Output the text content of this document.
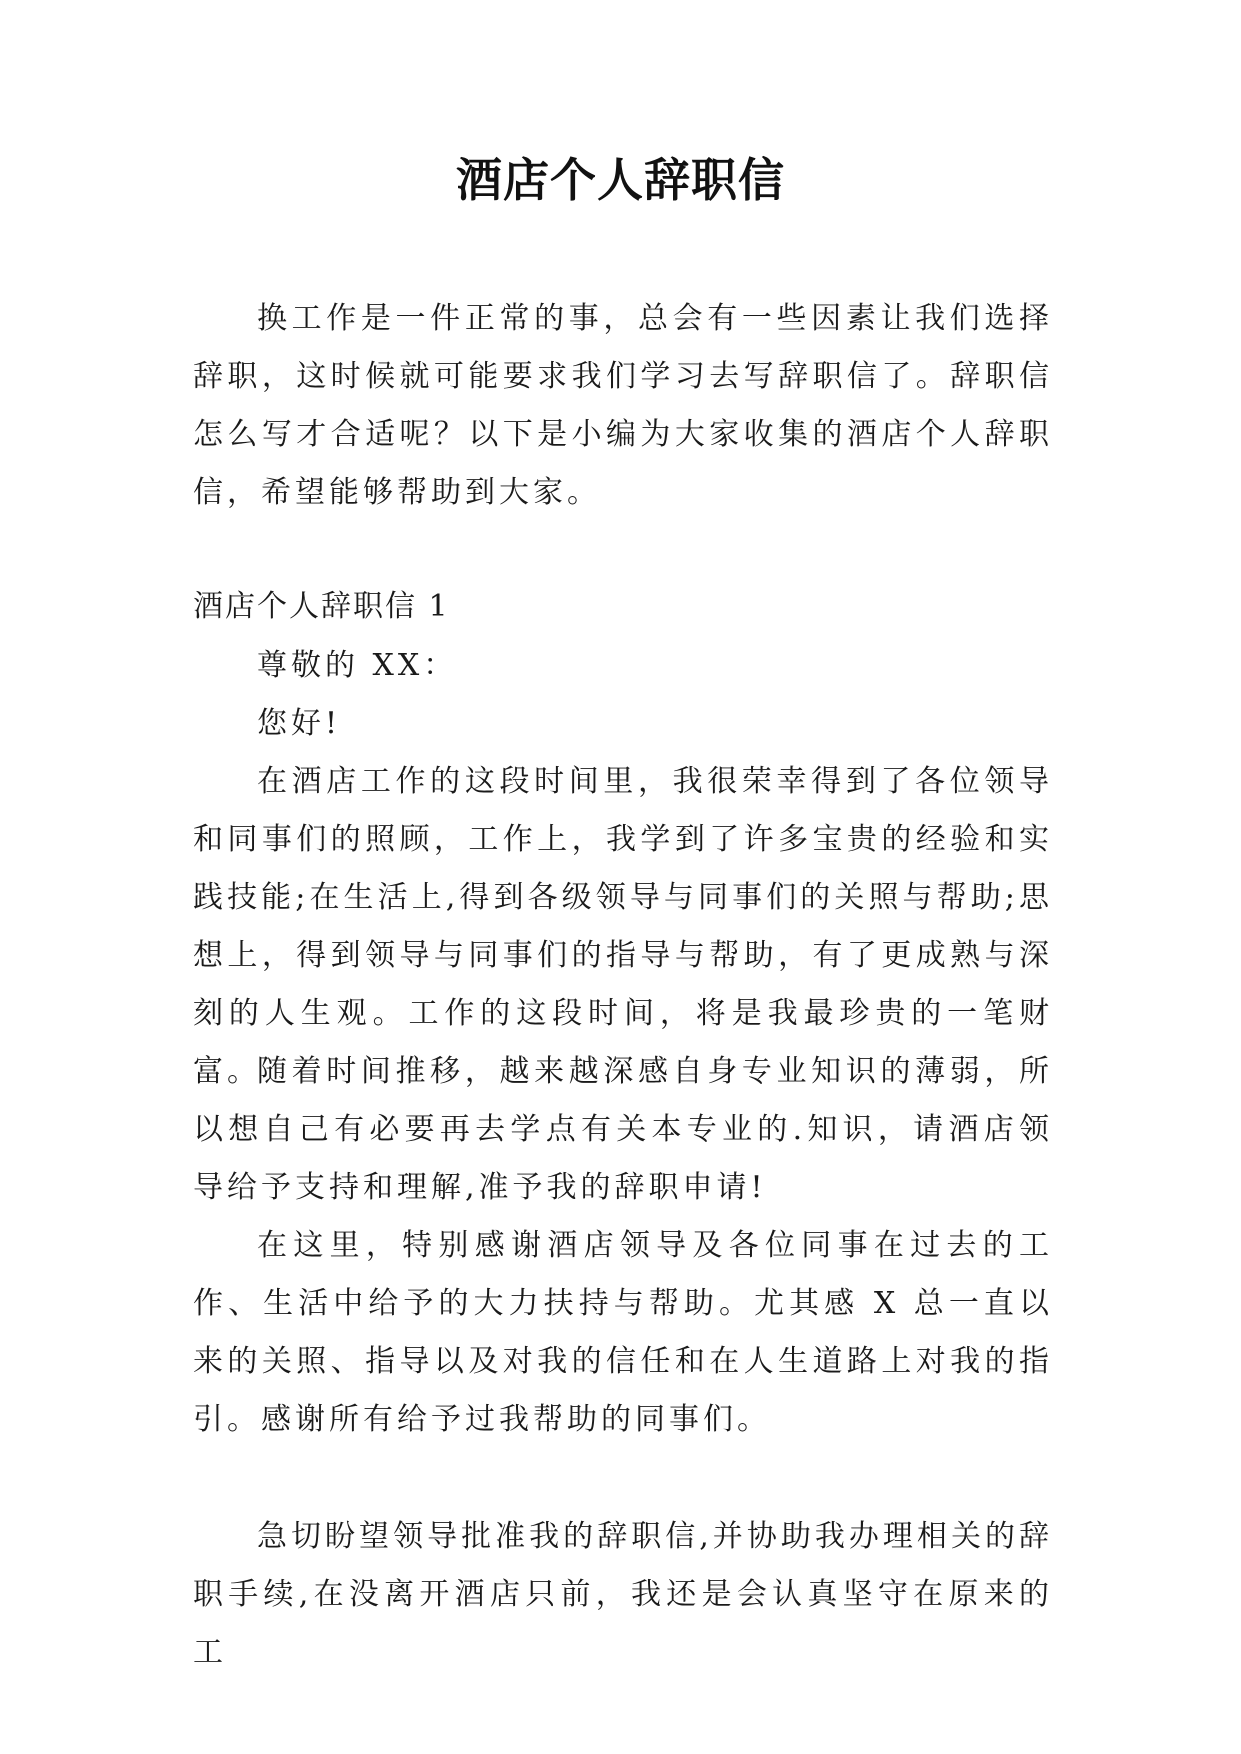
酒店个人辞职信

换工作是一件正常的事，总会有一些因素让我们选择辞职，这时候就可能要求我们学习去写辞职信了。辞职信怎么写才合适呢？以下是小编为大家收集的酒店个人辞职信，希望能够帮助到大家。

酒店个人辞职信 1

尊敬的 XX：

您好!

在酒店工作的这段时间里，我很荣幸得到了各位领导和同事们的照顾，工作上，我学到了许多宝贵的经验和实践技能;在生活上,得到各级领导与同事们的关照与帮助;思想上，得到领导与同事们的指导与帮助，有了更成熟与深刻的人生观。工作的这段时间，将是我最珍贵的一笔财富。

随着时间推移，越来越深感自身专业知识的薄弱，所以想自己有必要再去学点有关本专业的.知识，请酒店领导给予支持和理解,准予我的辞职申请!

在这里，特别感谢酒店领导及各位同事在过去的工作、生活中给予的大力扶持与帮助。尤其感 X 总一直以来的关照、指导以及对我的信任和在人生道路上对我的指引。感谢所有给予过我帮助的同事们。

急切盼望领导批准我的辞职信,并协助我办理相关的辞职手续,在没离开酒店只前，我还是会认真坚守在原来的工
